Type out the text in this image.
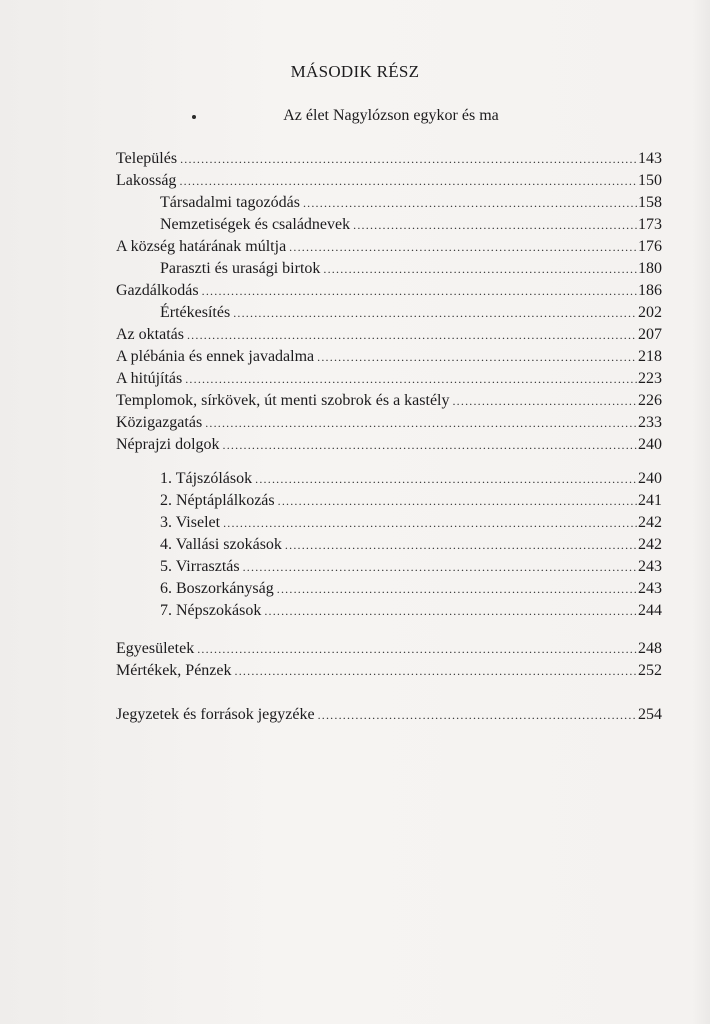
MÁSODIK RÉSZ
Az élet Nagylózson egykor és ma
Település .....	143
Lakosság .....	150
Társadalmi tagozódás .....	158
Nemzetiségek és családnevek .....	173
A község határának múltja .....	176
Paraszti és urasági birtok .....	180
Gazdálkodás .....	186
Értékesítés .....	202
Az oktatás .....	207
A plébánia és ennek javadalma .....	218
A hitújítás .....	223
Templomok, sírkövek, út menti szobrok és a kastély .....	226
Közigazgatás .....	233
Néprajzi dolgok .....	240
1. Tájszólások .....	240
2. Néptáplálkozás .....	241
3. Viselet .....	242
4. Vallási szokások .....	242
5. Virrasztás .....	243
6. Boszorkányság .....	243
7. Népszokások .....	244
Egyesületek .....	248
Mértékek, Pénzek .....	252
Jegyzetek és források jegyzéke .....	254
